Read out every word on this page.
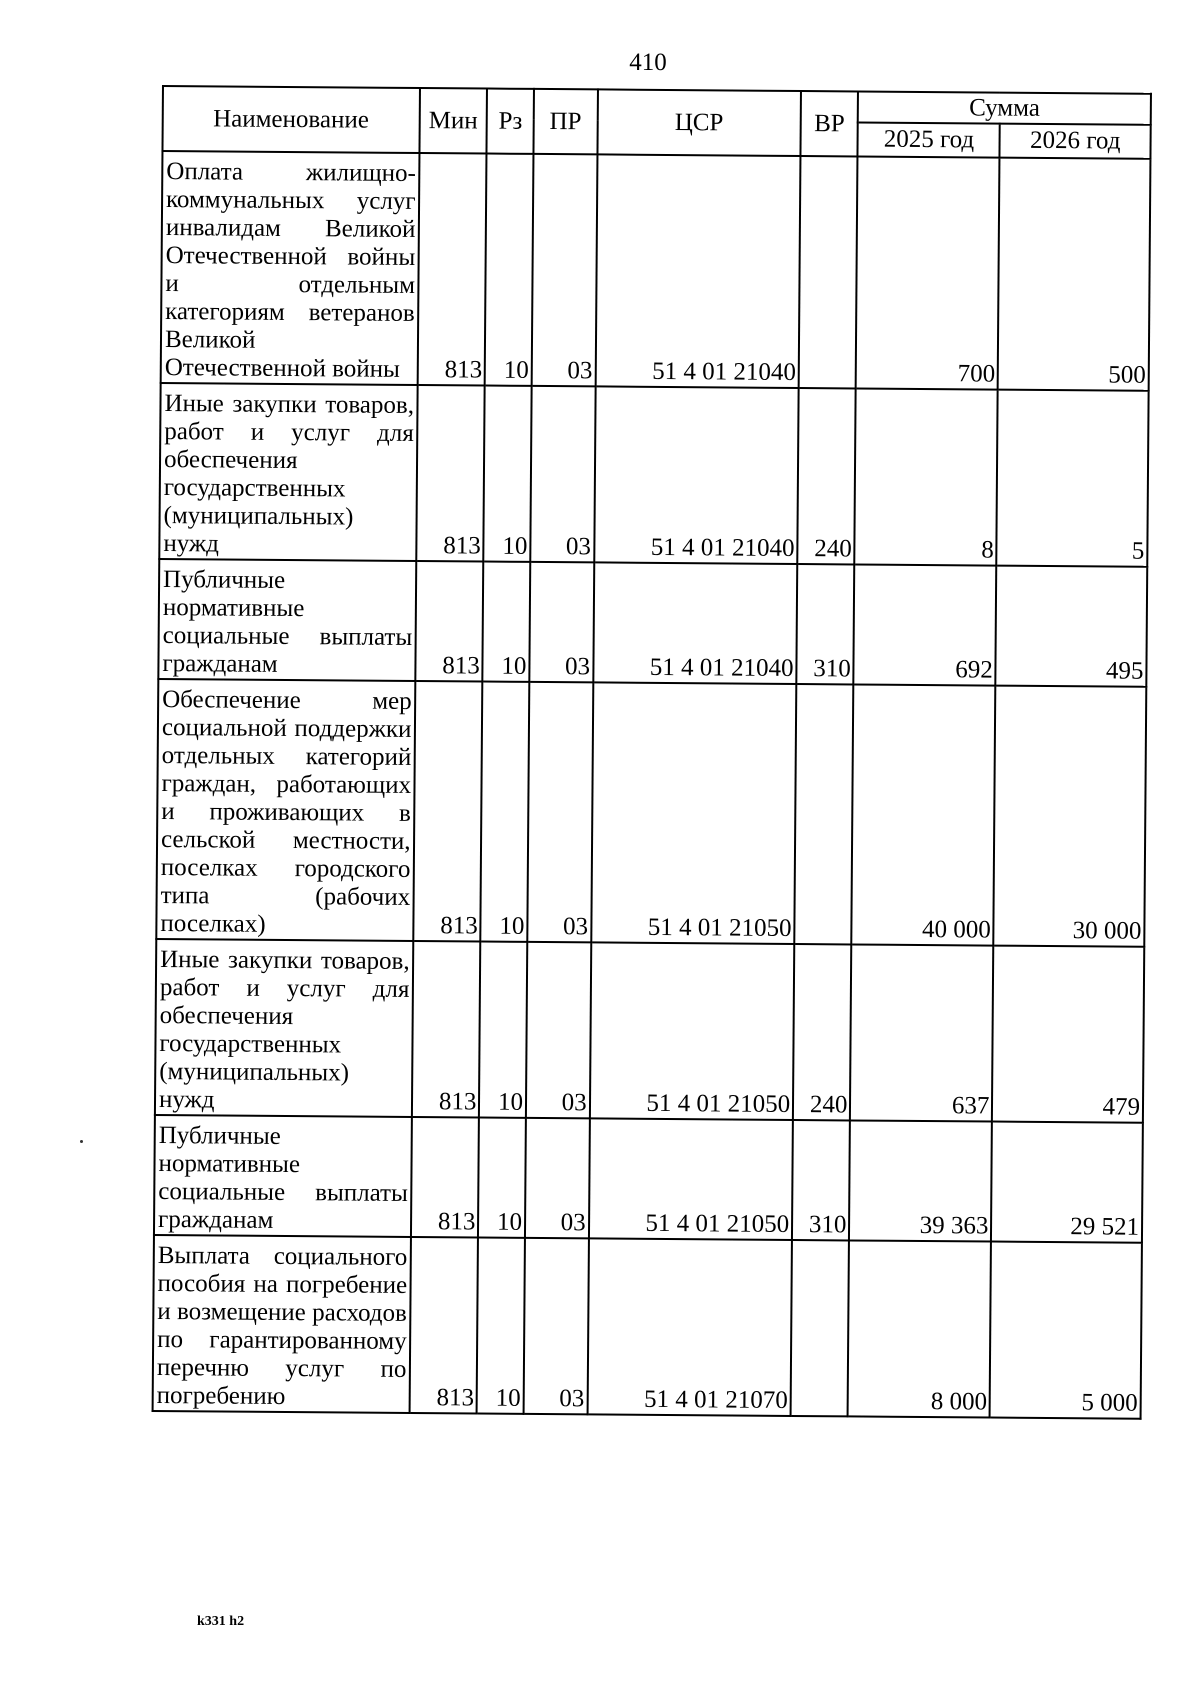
410
Наименование	Мин	Рз	ПР	ЦСР	ВР	Сумма	
						2025 год	2026 год
Оплата жилищно-коммунальных услуг инвалидам Великой Отечественной войны и отдельным категориям ветеранов Великой Отечественной войны	813	10	03	51 4 01 21040		700	500
Иные закупки товаров, работ и услуг для обеспечения государственных (муниципальных) нужд	813	10	03	51 4 01 21040	240	8	5
Публичные нормативные социальные выплаты гражданам	813	10	03	51 4 01 21040	310	692	495
Обеспечение мер социальной поддержки отдельных категорий граждан, работающих и проживающих в сельской местности, поселках городского типа (рабочих поселках)	813	10	03	51 4 01 21050		40 000	30 000
Иные закупки товаров, работ и услуг для обеспечения государственных (муниципальных) нужд	813	10	03	51 4 01 21050	240	637	479
Публичные нормативные социальные выплаты гражданам	813	10	03	51 4 01 21050	310	39 363	29 521
Выплата социального пособия на погребение и возмещение расходов по гарантированному перечню услуг по погребению	813	10	03	51 4 01 21070		8 000	5 000
k331 h2
